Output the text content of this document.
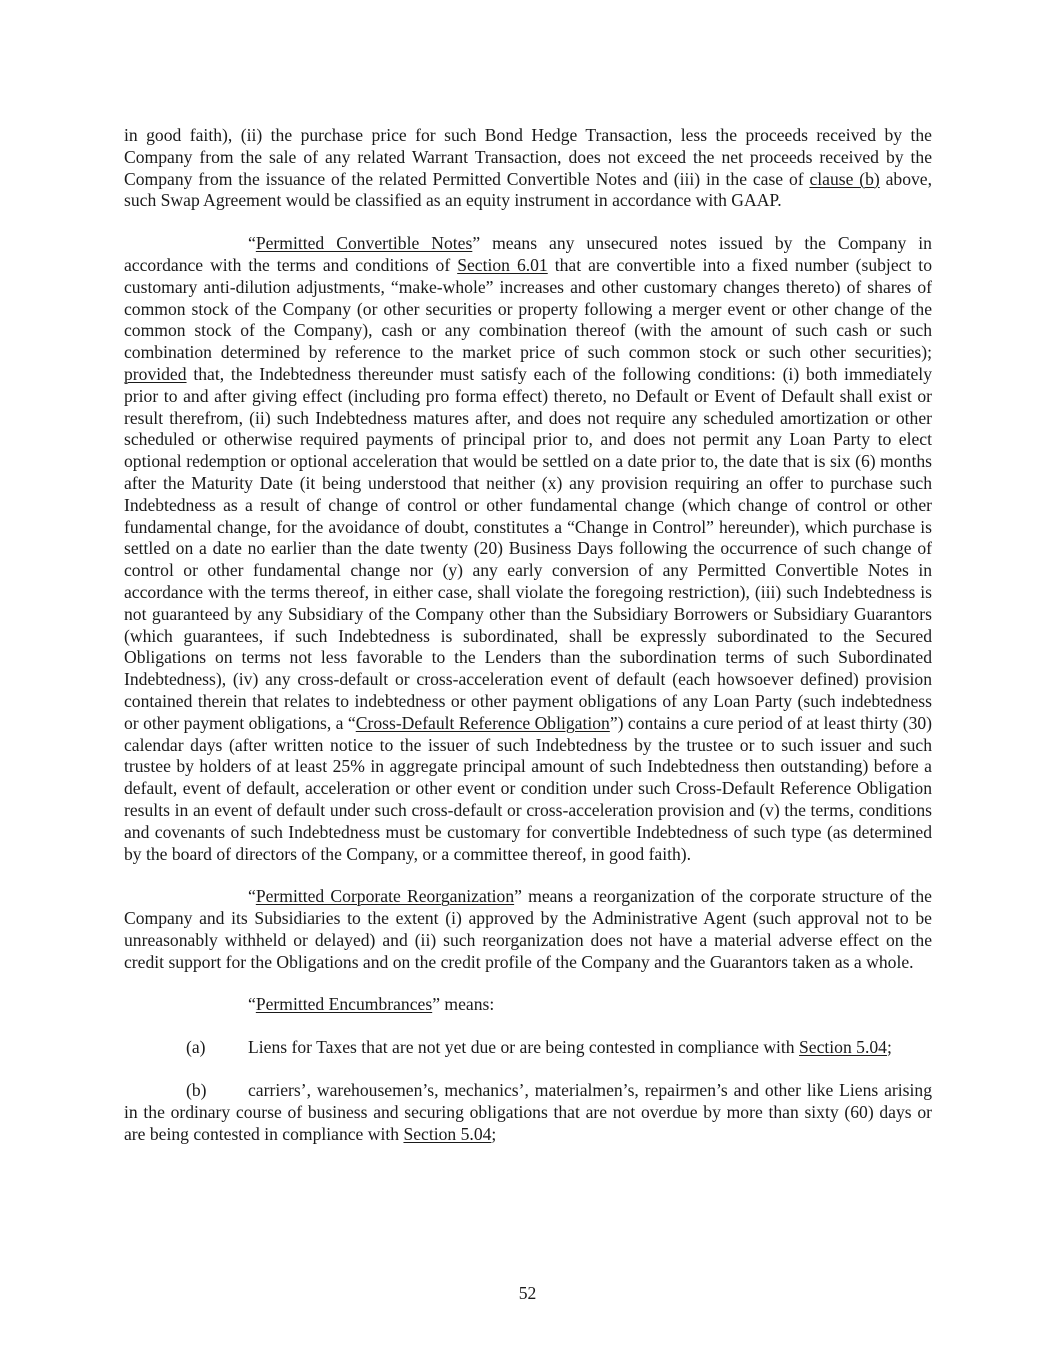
in good faith), (ii) the purchase price for such Bond Hedge Transaction, less the proceeds received by the Company from the sale of any related Warrant Transaction, does not exceed the net proceeds received by the Company from the issuance of the related Permitted Convertible Notes and (iii) in the case of clause (b) above, such Swap Agreement would be classified as an equity instrument in accordance with GAAP.

“Permitted Convertible Notes” means any unsecured notes issued by the Company in accordance with the terms and conditions of Section 6.01 that are convertible into a fixed number (subject to customary anti-dilution adjustments, “make-whole” increases and other customary changes thereto) of shares of common stock of the Company (or other securities or property following a merger event or other change of the common stock of the Company), cash or any combination thereof (with the amount of such cash or such combination determined by reference to the market price of such common stock or such other securities); provided that, the Indebtedness thereunder must satisfy each of the following conditions: (i) both immediately prior to and after giving effect (including pro forma effect) thereto, no Default or Event of Default shall exist or result therefrom, (ii) such Indebtedness matures after, and does not require any scheduled amortization or other scheduled or otherwise required payments of principal prior to, and does not permit any Loan Party to elect optional redemption or optional acceleration that would be settled on a date prior to, the date that is six (6) months after the Maturity Date (it being understood that neither (x) any provision requiring an offer to purchase such Indebtedness as a result of change of control or other fundamental change (which change of control or other fundamental change, for the avoidance of doubt, constitutes a “Change in Control” hereunder), which purchase is settled on a date no earlier than the date twenty (20) Business Days following the occurrence of such change of control or other fundamental change nor (y) any early conversion of any Permitted Convertible Notes in accordance with the terms thereof, in either case, shall violate the foregoing restriction), (iii) such Indebtedness is not guaranteed by any Subsidiary of the Company other than the Subsidiary Borrowers or Subsidiary Guarantors (which guarantees, if such Indebtedness is subordinated, shall be expressly subordinated to the Secured Obligations on terms not less favorable to the Lenders than the subordination terms of such Subordinated Indebtedness), (iv) any cross-default or cross-acceleration event of default (each howsoever defined) provision contained therein that relates to indebtedness or other payment obligations of any Loan Party (such indebtedness or other payment obligations, a “Cross-Default Reference Obligation”) contains a cure period of at least thirty (30) calendar days (after written notice to the issuer of such Indebtedness by the trustee or to such issuer and such trustee by holders of at least 25% in aggregate principal amount of such Indebtedness then outstanding) before a default, event of default, acceleration or other event or condition under such Cross-Default Reference Obligation results in an event of default under such cross-default or cross-acceleration provision and (v) the terms, conditions and covenants of such Indebtedness must be customary for convertible Indebtedness of such type (as determined by the board of directors of the Company, or a committee thereof, in good faith).

“Permitted Corporate Reorganization” means a reorganization of the corporate structure of the Company and its Subsidiaries to the extent (i) approved by the Administrative Agent (such approval not to be unreasonably withheld or delayed) and (ii) such reorganization does not have a material adverse effect on the credit support for the Obligations and on the credit profile of the Company and the Guarantors taken as a whole.

“Permitted Encumbrances” means:

(a) Liens for Taxes that are not yet due or are being contested in compliance with Section 5.04;

(b) carriers’, warehousemen’s, mechanics’, materialmen’s, repairmen’s and other like Liens arising in the ordinary course of business and securing obligations that are not overdue by more than sixty (60) days or are being contested in compliance with Section 5.04;

52
